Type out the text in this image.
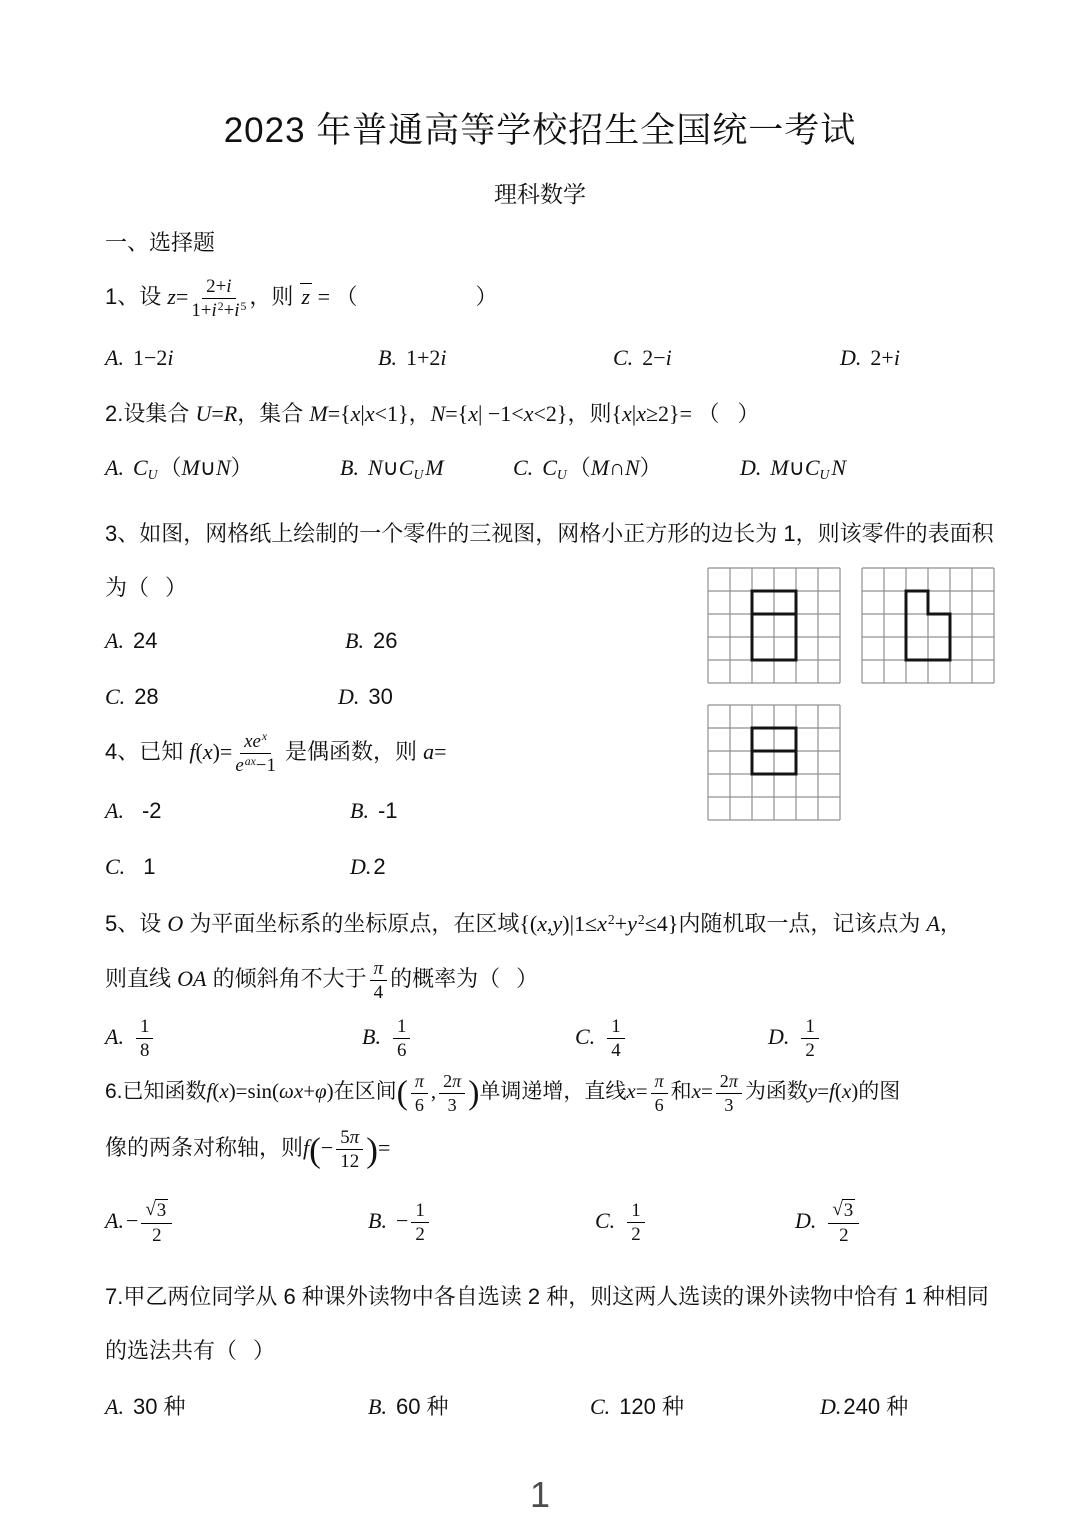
2023 年普通高等学校招生全国统一考试
理科数学
一、选择题
1、设 $z= \frac{2+i}{1+i^2+i^5}$ ，则 z = （	）
A. 1−2i	B. 1+2i	C. 2−i	D. 2+i
2.设集合 U=R，集合 M={x|x<1}，N={x| −1<x<2}，则{x|x≥2}= （ ）
A. CU（M∪N）	B. N∪CUM	C. CU（M∩N）	D. M∪CUN
3、如图，网格纸上绘制的一个零件的三视图，网格小正方形的边长为 1，则该零件的表面积
为（ ）
A. 24	B. 26
C. 28	D. 30
4、已知 $f(x)= \frac{xe^x}{e^{ax}-1}$ 是偶函数，则 a=
A. -2	B. -1
C. 1	D.2
5、设 O 为平面坐标系的坐标原点，在区域$\{(x,y)|1\le x^2+y^2\le 4\}$内随机取一点，记该点为 A，
则直线 OA 的倾斜角不大于 $\frac{\pi}{4}$ 的概率为（ ）
A. $\frac{1}{8}$	B. $\frac{1}{6}$	C. $\frac{1}{4}$	D. $\frac{1}{2}$
6.已知函数f(x)=sin(ωx+φ)在区间( $\frac{\pi}{6}$ , $\frac{2\pi}{3}$ )单调递增，直线$x= \frac{\pi}{6}$ 和$x= \frac{2\pi}{3}$ 为函数y=f(x)的图
像的两条对称轴，则$f(- \frac{5\pi}{12}$ )=
$A.- \frac{√ 3}{2}$	B. − $\frac{1}{2}$	C. $\frac{1}{2}$	D. $\frac{√ 3}{2}$
7.甲乙两位同学从 6 种课外读物中各自选读 2 种，则这两人选读的课外读物中恰有 1 种相同
的选法共有（ ）
A. 30 种	B. 60 种	C. 120 种	D.240 种
1
